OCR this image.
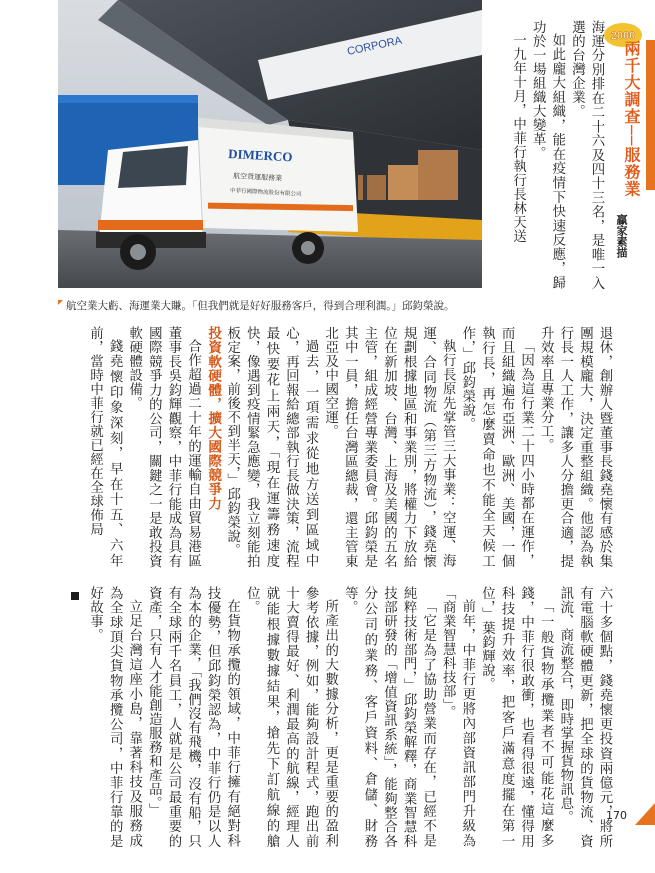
CORPORA
DIMERCO
航空貨運服務業
中菲行國際物流股份有限公司
航空業大虧、海運業大賺。「但我們就是好好服務客戶，得到合理利潤。」邱鈞榮說。

海運分別排在二十六及四十三名，是唯一入選的台灣企業。

如此龐大組織，能在疫情下快速反應，歸功於一場組織大變革。

一九年十月，中菲行執行長林天送

退休，創辦人暨董事長錢堯懷有感於集團規模龐大，決定重整組織。他認為執行長一人工作，讓多人分擔更合適，提升效率且專業分工。

「因為這行業二十四小時都在運作，而且組織遍布亞洲、歐洲、美國，一個執行長，再怎麼賣命也不能全天候工作，」邱鈞榮說。

執行長原先掌管三大事業：空運、海運、合同物流（第三方物流），錢堯懷規劃根據地區和事業別，將權力下放給位在新加坡、台灣、上海及美國的五名主管，組成經營專業委員會。邱鈞榮是其中一員，擔任台灣區總裁，還主管東北亞及中國空運。

過去，一項需求從地方送到區域中心，再回報給總部執行長做決策，流程最快要花上兩天，「現在運籌務速度快，像遇到疫情緊急應變，我立刻能拍板定案，前後不到半天，」邱鈞榮說。

投資軟硬體，擴大國際競爭力

合作超過二十年的運輸自由貿易港區董事長吳鈞輝觀察，中菲行能成為具有國際競爭力的公司，關鍵之一是敢投資軟硬體設備。

錢堯懷印象深刻，早在十五、六年前，當時中菲行就已經在全球佈局

六十多個點，錢堯懷更投資兩億元，將所有電腦軟硬體更新，把全球的貨物流、資訊流、商流整合，即時掌握貨物訊息。

「一般貨物承攬業者不可能花這麼多錢，中菲行很敢衝，也看得很遠，懂得用科技提升效率，把客戶滿意度擺在第一位，」葉鈞輝說。

前年，中菲行更將內部資訊部門升級為「商業智慧科技部」。

「它是為了協助營業而存在，已經不是純粹技術部門，」邱鈞榮解釋，商業智慧科技部研發的「增值資訊系統」，能夠整合各分公司的業務、客戶資料、倉儲、財務等。

所產出的大數據分析，更是重要的盈利參考依據，例如，能夠設計程式，跑出前十大賣得最好、利潤最高的航線，經理人就能根據數據結果，搶先下訂航線的艙位。

在貨物承攬的領域，中菲行擁有絕對科技優勢，但邱鈞榮認為，中菲行仍是以人為本的企業，「我們沒有飛機，沒有船，只有全球兩千名員工，人就是公司最重要的資產，只有人才能創造服務和產品。」

立足台灣這座小島，靠著科技及服務成為全球頂尖貨物承攬公司，中菲行靠的是好故事。

2000
兩千大調查──服務業
贏家素描
170
